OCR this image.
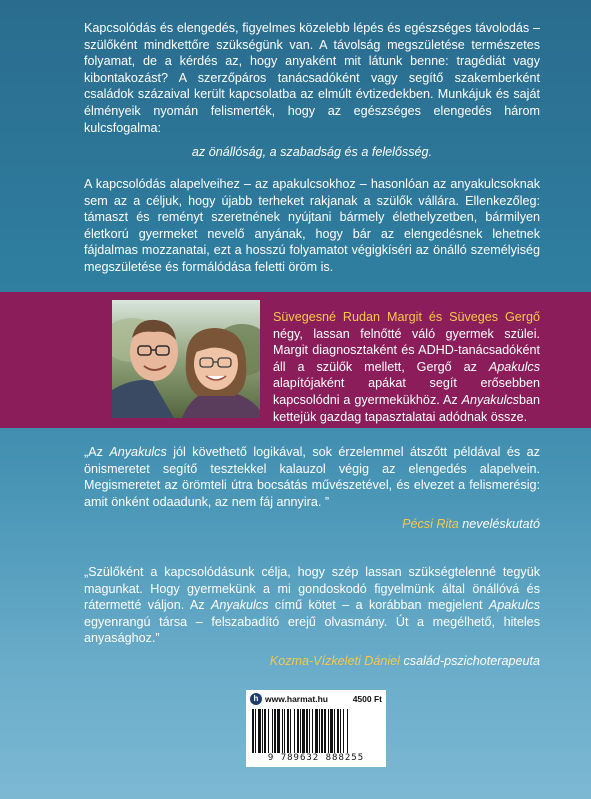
Kapcsolódás és elengedés, figyelmes közelebb lépés és egészséges távolodás – szülőként mindkettőre szükségünk van. A távolság megszületése természetes folyamat, de a kérdés az, hogy anyaként mit látunk benne: tragédiát vagy kibontakozást? A szerzőpáros tanácsadóként vagy segítő szakemberként családok százaival került kapcsolatba az elmúlt évtizedekben. Munkájuk és saját élményeik nyomán felismerték, hogy az egészséges elengedés három kulcsfogalma:

az önállóság, a szabadság és a felelősség.

A kapcsolódás alapelveihez – az apakulcsokhoz – hasonlóan az anyakulcsoknak sem az a céljuk, hogy újabb terheket rakjanak a szülők vállára. Ellenkezőleg: támaszt és reményt szeretnének nyújtani bármely élethelyzetben, bármilyen életkorú gyermeket nevelő anyának, hogy bár az elengedésnek lehetnek fájdalmas mozzanatai, ezt a hosszú folyamatot végigkíséri az önálló személyiség megszületése és formálódása feletti öröm is.

Süvegesné Rudan Margit és Süveges Gergő négy, lassan felnőtté váló gyermek szülei. Margit diagnosztaként és ADHD-tanácsadóként áll a szülők mellett, Gergő az Apakulcs alapítójaként apákat segít erősebben kapcsolódni a gyermekükhöz. Az Anyakulcsban kettejük gazdag tapasztalatai adódnak össze.

„Az Anyakulcs jól követhető logikával, sok érzelemmel átszőtt példával és az önismeretet segítő tesztekkel kalauzol végig az elengedés alapelvein. Megismeretet az örömteli útra bocsátás művészetével, és elvezet a felismerésig: amit önként odaadunk, az nem fáj annyira. ”

Pécsi Rita neveléskutató

„Szülőként a kapcsolódásunk célja, hogy szép lassan szükségtelenné tegyük magunkat. Hogy gyermekünk a mi gondoskodó figyelmünk által önállóvá és rátermetté váljon. Az Anyakulcs című kötet – a korábban megjelent Apakulcs egyenrangú társa – felszabadító erejű olvasmány. Út a megélhető, hiteles anyasághoz.”

Kozma-Vízkeleti Dániel család-pszichoterapeuta

h www.harmat.hu	4500 Ft
9 789632 888255
